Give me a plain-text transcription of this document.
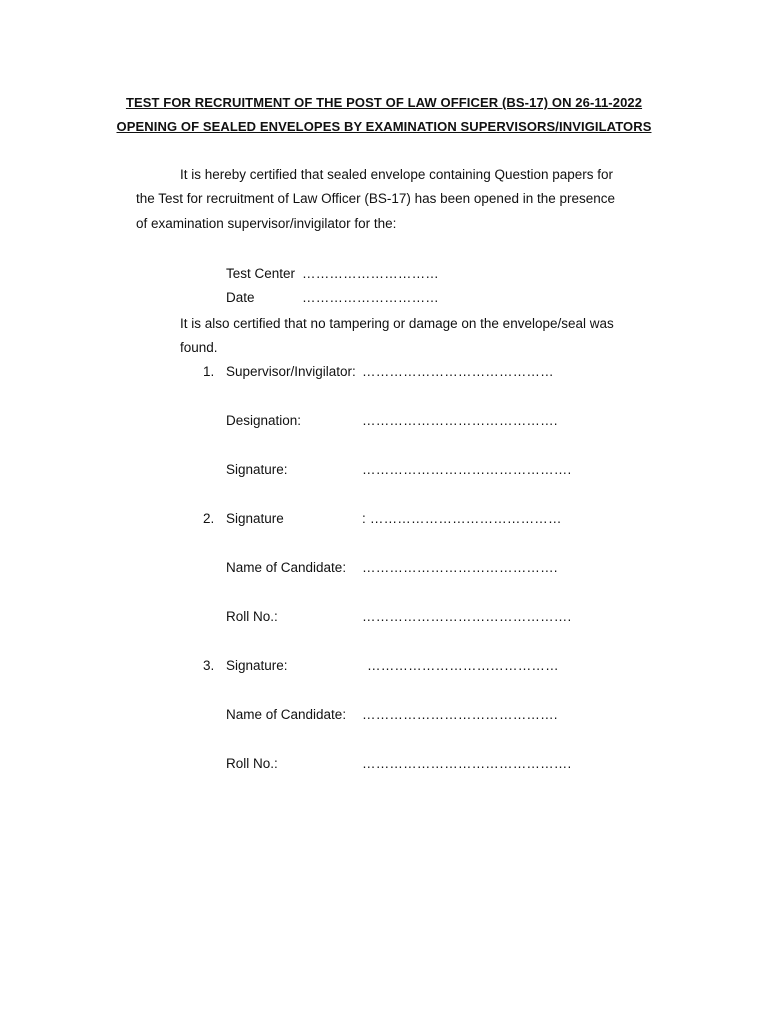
TEST FOR RECRUITMENT OF THE POST OF LAW OFFICER (BS-17) ON 26-11-2022
OPENING OF SEALED ENVELOPES BY EXAMINATION SUPERVISORS/INVIGILATORS
It is hereby certified that sealed envelope containing Question papers for
the Test for recruitment of Law Officer (BS-17) has been opened in the presence
of examination supervisor/invigilator for the:
Test Center …………………………
Date	…………………………
It is also certified that no tampering or damage on the envelope/seal was
found.
1. Supervisor/Invigilator: ……………………………………
Designation:	…………………………………….
Signature:	……………………………………….
2. Signature	: ……………………………………
Name of Candidate: …………………………………….
Roll No.:	……………………………………….
3. Signature:	……………………………………
Name of Candidate: …………………………………….
Roll No.:	……………………………………….
